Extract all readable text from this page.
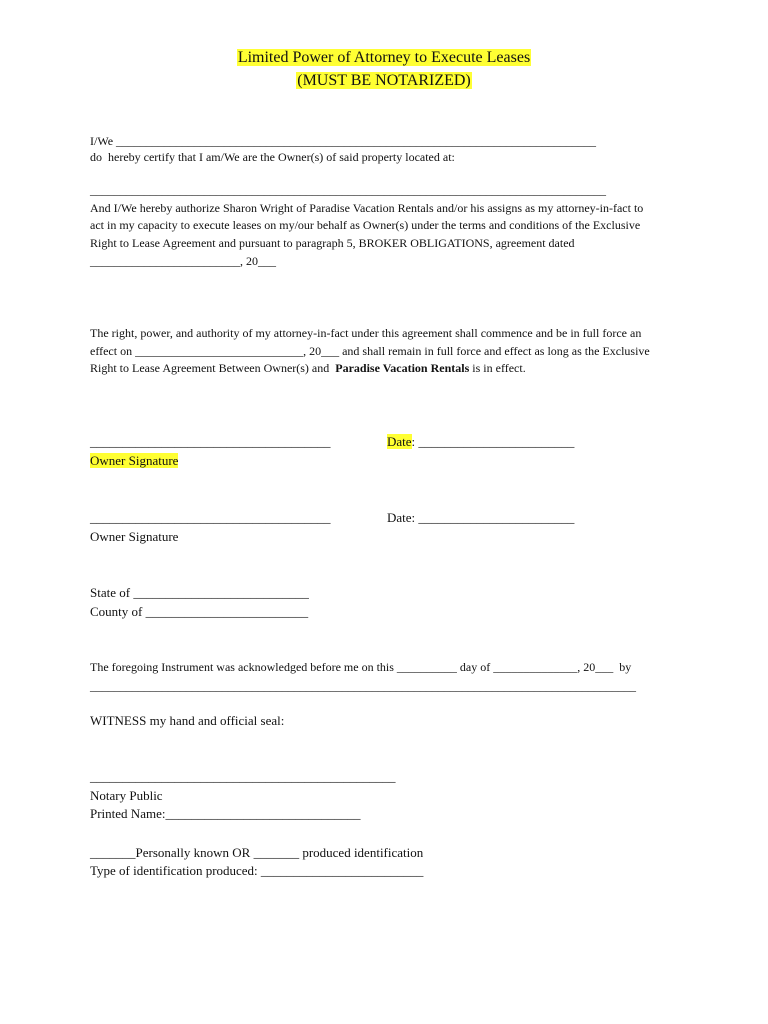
Limited Power of Attorney to Execute Leases
(MUST BE NOTARIZED)
I/We ________________________________________________________________________________
do  hereby certify that I am/We are the Owner(s) of said property located at:
______________________________________________________________________________________
And I/We hereby authorize Sharon Wright of Paradise Vacation Rentals and/or his assigns as my attorney-in-fact to
act in my capacity to execute leases on my/our behalf as Owner(s) under the terms and conditions of the Exclusive
Right to Lease Agreement and pursuant to paragraph 5, BROKER OBLIGATIONS, agreement dated
_________________________, 20___
The right, power, and authority of my attorney-in-fact under this agreement shall commence and be in full force an
effect on ____________________________, 20___ and shall remain in full force and effect as long as the Exclusive
Right to Lease Agreement Between Owner(s) and  Paradise Vacation Rentals is in effect.
_____________________________________	Date: ________________________
Owner Signature
_____________________________________	Date: ________________________
Owner Signature
State of ___________________________
County of _________________________
The foregoing Instrument was acknowledged before me on this __________ day of ______________, 20___  by
___________________________________________________________________________________________
WITNESS my hand and official seal:
_______________________________________________
Notary Public
Printed Name:______________________________
_______Personally known OR _______ produced identification
Type of identification produced: _________________________
